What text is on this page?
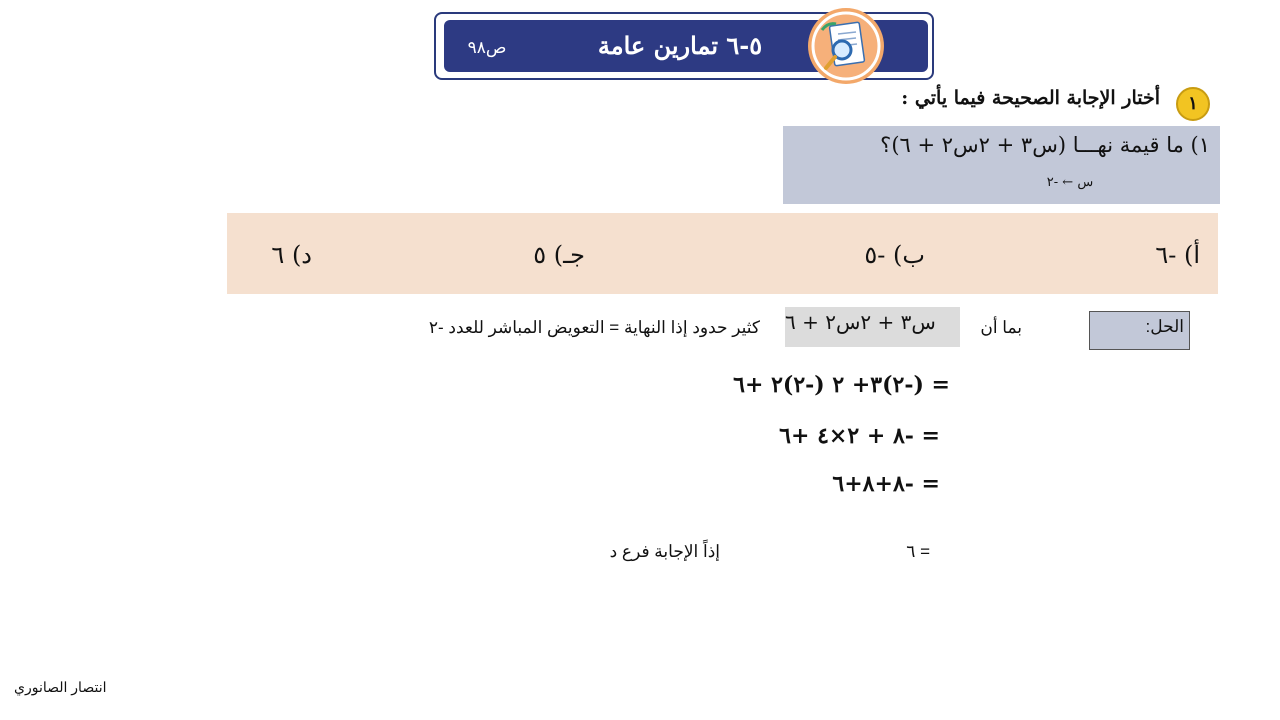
٥-٦ تمارين عامة
ص٩٨
١
أختار الإجابة الصحيحة فيما يأتي :
١) ما قيمة نهـــا (س٣ + ٢س٢ + ٦)؟
س ← -٢
أ) -٦
ب) -٥
جـ) ٥
د) ٦
الحل:
بما أن
س٣ + ٢س٢ + ٦
كثير حدود إذا النهاية = التعويض المباشر للعدد -٢
= (-٢)٣+ ٢ (-٢)٢ +٦
= -٨ + ٢×٤ +٦
= -٨+٨+٦
= ٦
إذاً الإجابة فرع د
انتصار الصانوري
